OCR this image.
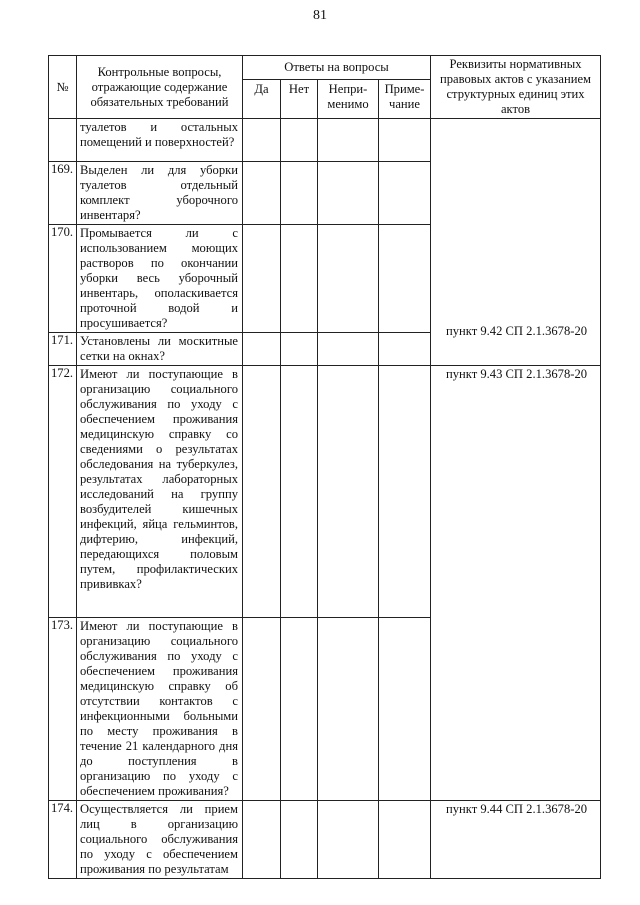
81
№	Контрольные вопросы, отражающие содержание обязательных требований	Ответы на вопросы				Реквизиты нормативных правовых актов с указанием структурных единиц этих актов
		Да	Нет	Непри-менимо	Приме-чание	
	туалетов и остальных помещений и поверхностей?					пункт 9.42 СП 2.1.3678-20

169.	Выделен ли для уборки туалетов отдельный комплект уборочного инвентаря?					
170.	Промывается ли с использованием моющих растворов по окончании уборки весь уборочный инвентарь, ополаскивается проточной водой и просушивается?					
171.	Установлены ли москитные сетки на окнах?					
172.	Имеют ли поступающие в организацию социального обслуживания по уходу с обеспечением проживания медицинскую справку со сведениями о результатах обследования на туберкулез, результатах лабораторных исследований на группу возбудителей кишечных инфекций, яйца гельминтов, дифтерию, инфекций, передающихся половым путем, профилактических прививках?					пункт 9.43 СП 2.1.3678-20
173.	Имеют ли поступающие в организацию социального обслуживания по уходу с обеспечением проживания медицинскую справку об отсутствии контактов с инфекционными больными по месту проживания в течение 21 календарного дня до поступления в организацию по уходу с обеспечением проживания?					
174.	Осуществляется ли прием лиц в организацию социального обслуживания по уходу с обеспечением проживания по результатам					пункт 9.44 СП 2.1.3678-20
